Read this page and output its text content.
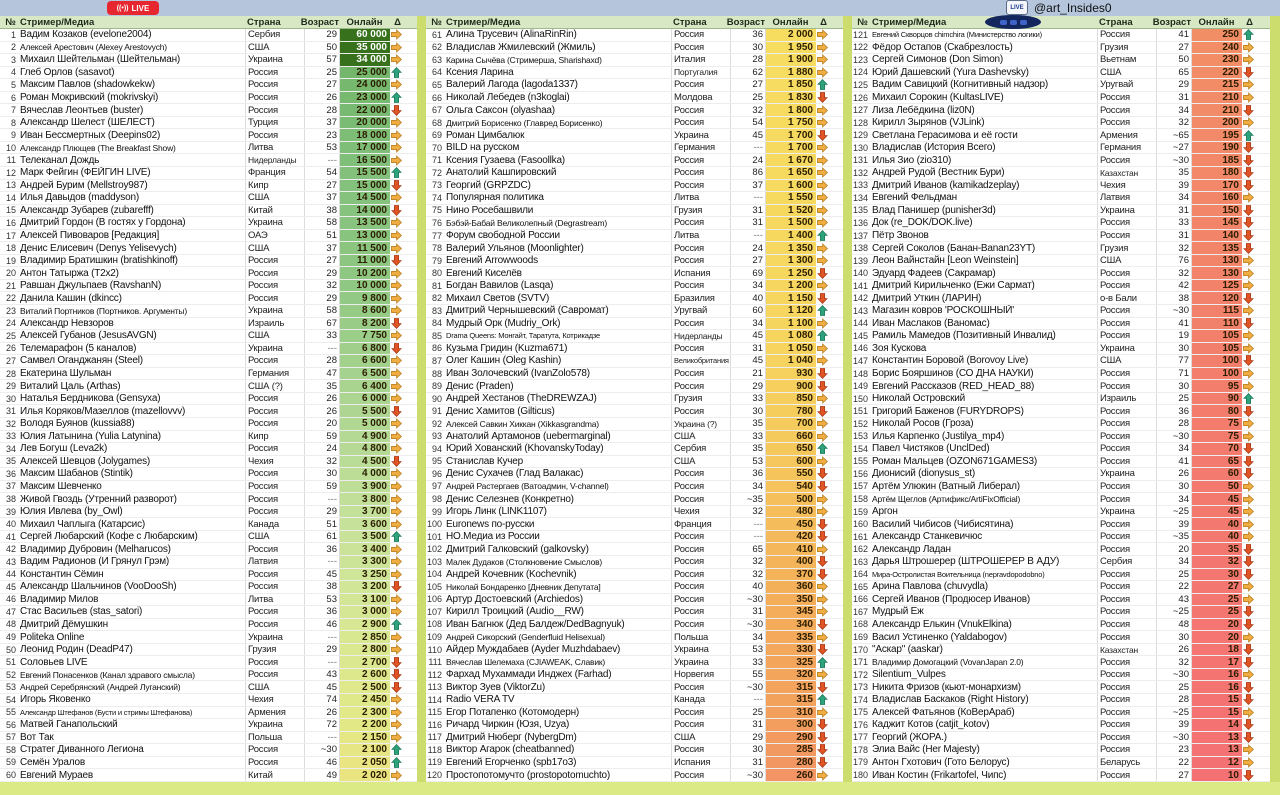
((•)) LIVE	LIVE @art_Insides0
№ Стример/Медиа	Страна	Возраст Онлайн	Δ
1 Вадим Козаков (evelone2004)	Сербия	29	60 000
2 Алексей Арестович (Alexey Arestovych)	США	50	35 000
3 Михаил Шейтельман (Шейтельман)	Украина	57	34 000
4 Глеб Орлов (sasavot)	Россия	25	25 000
5 Максим Павлов (shadowkekw)	Россия	27	24 000
6 Роман Мокривский (mokrivskyi)	Россия	26	23 000
7 Вячеслав Леонтьев (buster)	Россия	28	22 000
8 Александр Шелест (ШЕЛЕСТ)	Турция	37	20 000
9 Иван Бессмертных (Deepins02)	Россия	23	18 000
10 Александр Плющев (The Breakfast Show)	Литва	53	17 000
11 Телеканал Дождь	Нидерланды	---	16 500
12 Марк Фейгин (ФЕЙГИН LIVE)	Франция	54	15 500
13 Андрей Бурим (Mellstroy987)	Кипр	27	15 000
14 Илья Давыдов (maddyson)	США	37	14 500
15 Александр Зубарев (zubarefff)	Китай	38	14 000
16 Дмитрий Гордон (В гостях у Гордона)	Украина	58	13 500
17 Алексей Пивоваров [Редакция]	ОАЭ	51	13 000
18 Денис Елисевич (Denys Yelisevych)	США	37	11 500
19 Владимир Братишкин (bratishkinoff)	Россия	27	11 000
20 Антон Татыржа (T2x2)	Россия	29	10 200
21 Равшан Джульпаев (RavshanN)	Россия	32	10 000
22 Данила Кашин (dkincc)	Россия	29	9 800
23 Виталий Портников (Портников. Аргументы)	Украина	58	8 600
24 Александр Невзоров	Израиль	67	8 200
25 Алексей Губанов (JesusAVGN)	США	33	7 750
26 Телемарафон (5 каналов)	Украина	---	6 800
27 Самвел Оганджанян (Steel)	Россия	28	6 600
28 Екатерина Шульман	Германия	47	6 500
29 Виталий Цаль (Arthas)	США (?)	35	6 400
30 Наталья Бердникова (Gensyxa)	Россия	26	6 000
31 Илья Коряков/Мазеллов (mazellovvv)	Россия	26	5 500
32 Володя Буянов (kussia88)	Россия	20	5 000
33 Юлия Латынина (Yulia Latynina)	Кипр	59	4 900
34 Лев Богуш (Leva2k)	Россия	24	4 800
35 Алексей Шевцов (Jolygames)	Чехия	32	4 500
36 Максим Шабанов (Stintik)	Россия	30	4 000
37 Максим Шевченко	Россия	59	3 900
38 Живой Гвоздь (Утренний разворот)	Россия	---	3 800
39 Юлия Ивлева (by_Owl)	Россия	29	3 700
40 Михаил Чаплыга (Катарсис)	Канада	51	3 600
41 Сергей Любарский (Кофе с Любарским)	США	61	3 500
42 Владимир Дубровин (Melharucos)	Россия	36	3 400
43 Вадим Радионов (И Грянул Грэм)	Латвия	---	3 300
44 Константин Сёмин	Россия	45	3 250
45 Александр Шальчинов (VooDooSh)	Россия	38	3 200
46 Владимир Милов	Литва	53	3 100
47 Стас Васильев (stas_satori)	Россия	36	3 000
48 Дмитрий Дёмушкин	Россия	46	2 900
49 Politeka Online	Украина	---	2 850
50 Леонид Родин (DeadP47)	Грузия	29	2 800
51 Соловьев LIVE	Россия	---	2 700
52 Евгений Понасенков (Канал здравого смысла)	Россия	43	2 600
53 Андрей Серебрянский (Андрей Луганский)	США	45	2 500
54 Игорь Яковенко	Чехия	74	2 450
55 Александр Штефанов (Бусти и стримы Штефанова)	Армения	26	2 300
56 Матвей Ганапольский	Украина	72	2 200
57 Вот Так	Польша	---	2 150
58 Стратег Диванного Легиона	Россия	~30	2 100
59 Семён Уралов	Россия	46	2 050
60 Евгений Мураев	Китай	49	2 020
№ Стример/Медиа	Страна	Возраст Онлайн	Δ
61 Алина Трусевич (AlinaRinRin)	Россия	36	2 000
62 Владислав Жмилевский (Жмиль)	Россия	30	1 950
63 Карина Сычёва (Стримерша, Sharishaxd)	Италия	28	1 900
64 Ксения Ларина	Португалия	62	1 880
65 Валерий Лагода (lagoda1337)	Россия	27	1 850
66 Николай Лебедев (n3koglai)	Молдова	25	1 830
67 Ольга Саксон (olyashaa)	Россия	32	1 800
68 Дмитрий Борисенко (Главред Борисенко)	Россия	54	1 750
69 Роман Цимбалюк	Украина	45	1 700
70 BILD на русском	Германия	---	1 700
71 Ксения Гузаева (Fasoollka)	Россия	24	1 670
72 Анатолий Кашпировский	Россия	86	1 650
73 Георгий (GRPZDC)	Россия	37	1 600
74 Популярная политика	Литва	---	1 550
75 Нино Росебашвили	Грузия	31	1 520
76 Бэбэй-Бабай Великолепный (Degrastream)	Россия	31	1 500
77 Форум свободной России	Литва	---	1 400
78 Валерий Ульянов (Moonlighter)	Россия	24	1 350
79 Евгений Arrowwoods	Россия	27	1 300
80 Евгений Киселёв	Испания	69	1 250
81 Богдан Вавилов (Lasqa)	Россия	34	1 200
82 Михаил Светов (SVTV)	Бразилия	40	1 150
83 Дмитрий Чернышевский (Савромат)	Уругвай	60	1 120
84 Мудрый Орк (Mudriy_Ork)	Россия	34	1 100
85 Drama Queens: Монгайт, Таратута, Котрикадзе	Нидерланды	45	1 080
86 Кузьма Гридин (Kuzma671)	Россия	31	1 050
87 Олег Кашин (Oleg Kashin)	Великобритания	45	1 040
88 Иван Золочевский (IvanZolo578)	Россия	21	930
89 Денис (Praden)	Россия	29	900
90 Андрей Хестанов (TheDREWZAJ)	Грузия	33	850
91 Денис Хамитов (Gilticus)	Россия	30	780
92 Алексей Савкин Хиккан (Xikkasgrandma)	Украина (?)	35	700
93 Анатолий Артамонов (uebermarginal)	США	33	660
94 Юрий Хованский (KhovanskyToday)	Сербия	35	650
95 Станислав Кучер	США	53	600
96 Денис Сухачев (Глад Валакас)	Россия	36	550
97 Андрей Растергаев (Ватоадмин, V-channel)	Россия	34	540
98 Денис Селезнев (Конкретно)	Россия	~35	500
99 Игорь Линк (LINK1107)	Чехия	32	480
100 Euronews по-русски	Франция	---	450
101 НО.Медиа из России	Россия	---	420
102 Дмитрий Галковский (galkovsky)	Россия	65	410
103 Малек Дудаков (Столкновение Смыслов)	Россия	32	400
104 Андрей Кочевник (Kochevnik)	Россия	32	370
105 Николай Бондаренко [Дневник Депутата]	Россия	40	360
106 Артур Достоевский (Archiedos)	Россия	~30	350
107 Кирилл Троицкий (Audio__RW)	Россия	31	345
108 Иван Багнюк (Дед Балдеж/DedBagnyuk)	Россия	~30	340
109 Андрей Сикорский (Genderfluid Helisexual)	Польша	34	335
110 Айдер Муждабаев (Ayder Muzhdabaev)	Украина	53	330
111 Вячеслав Шелемаха (CJIAWEAK, Славик)	Украина	33	325
112 Фархад Мухаммади Инджех (Farhad)	Норвегия	55	320
113 Виктор Зуев (ViktorZu)	Россия	~30	315
114 Radio VERA TV	Канада	---	315
115 Егор Потапенко (Котомодерн)	Россия	25	310
116 Ричард Чиркин (Юзя, Uzya)	Россия	31	300
117 Дмитрий Нюберг (NybergDm)	США	29	290
118 Виктор Агарок (cheatbanned)	Россия	30	285
119 Евгений Егорченко (spb17o3)	Испания	31	280
120 Простопотомучто (prostopotomuchto)	Россия	~30	260
№ Стример/Медиа	Страна	Возраст Онлайн	Δ
121 Евгений Скворцов chimchira (Министерство логики)	Россия	41	250
122 Фёдор Остапов (Скабрезлость)	Грузия	27	240
123 Сергей Симонов (Don Simon)	Вьетнам	50	230
124 Юрий Дашевский (Yura Dashevsky)	США	65	220
125 Вадим Савицкий (Когнитивный надзор)	Уругвай	29	215
126 Михаил Сорокин (KultasLIVE)	Россия	31	210
127 Лиза Лебёдкина (liz0N)	Россия	34	210
128 Кирилл Зырянов (VJLink)	Россия	32	200
129 Светлана Герасимова и её гости	Армения	~65	195
130 Владислав (История Всего)	Германия	~27	190
131 Илья Зио (zio310)	Россия	~30	185
132 Андрей Рудой (Вестник Бури)	Казахстан	35	180
133 Дмитрий Иванов (kamikadzeplay)	Чехия	39	170
134 Евгений Фельдман	Латвия	34	160
135 Влад Панишер (punisher3d)	Украина	31	150
136 Док (re_DOK/DOK.live)	Россия	33	145
137 Пётр Звонов	Россия	31	140
138 Сергей Соколов (Банан-Banan23YT)	Грузия	32	135
139 Леон Вайнстайн [Leon Weinstein]	США	76	130
140 Эдуард Фадеев (Сакрамар)	Россия	32	130
141 Дмитрий Кирильченко (Ежи Сармат)	Россия	42	125
142 Дмитрий Уткин (ЛАРИН)	о-в Бали	38	120
143 Магазин ковров 'РОСКОШНЫЙ'	Россия	~30	115
144 Иван Маслаков (Ваномас)	Россия	41	110
145 Рамиль Мамедов (Позитивный Инвалид)	Россия	19	105
146 Зоя Кускова	Украина	30	105
147 Константин Боровой (Borovoy Live)	США	77	100
148 Борис Бояршинов (СО ДНА НАУКИ)	Россия	71	100
149 Евгений Рассказов (RED_HEAD_88)	Россия	30	95
150 Николай Островский	Израиль	25	90
151 Григорий Баженов (FURYDROPS)	Россия	36	80
152 Николай Росов (Гроза)	Россия	28	75
153 Илья Карпенко (Justilya_mp4)	Россия	~30	75
154 Павел Чистяков (UnclDed)	Россия	34	70
155 Роман Мальцев (OZON671GAMES3)	Россия	41	65
156 Дионисий (dionysus_st)	Украина	26	60
157 Артём Улюкин (Ватный Либерал)	Россия	30	50
158 Артём Щеглов (Артификс/ArtiFixOfficial)	Россия	34	45
159 Аргон	Украина	~25	45
160 Василий Чибисов (Чибисятина)	Россия	39	40
161 Александр Станкевичюс	Россия	~35	40
162 Александр Ладан	Россия	20	35
163 Дарья Штрошерер (ШТРОШЕРЕР В АДУ)	Сербия	34	32
164 Мира-Остролистая Воительница (nepravdopodobno)	Россия	25	30
165 Арина Павлова (chuvydla)	Россия	22	27
166 Сергей Иванов (Продюсер Иванов)	Россия	43	25
167 Мудрый Еж	Россия	~25	25
168 Александр Елькин (VnukElkina)	Россия	48	20
169 Васил Устиненко (Yaldabogov)	Россия	30	20
170 "Аскар" (aaskar)	Казахстан	26	18
171 Владимир Домогацкий (VovanJapan 2.0)	Россия	32	17
172 Silentium_Vulpes	Россия	~30	16
173 Никита Фризов (кьют-монархизм)	Россия	25	16
174 Владислав Баскаков (Right History)	Россия	28	15
175 Алексей Фатьянов (КоВерАраб)	Россия	~25	15
176 Каджит Котов (catjit_kotov)	Россия	39	14
177 Георгий (ЖОРА.)	Россия	~30	13
178 Элиа Вайс (Her Majesty)	Россия	23	13
179 Антон Гхотович (Гото Белорус)	Беларусь	22	12
180 Иван Костин (Frikartofel, Чипс)	Россия	27	10
